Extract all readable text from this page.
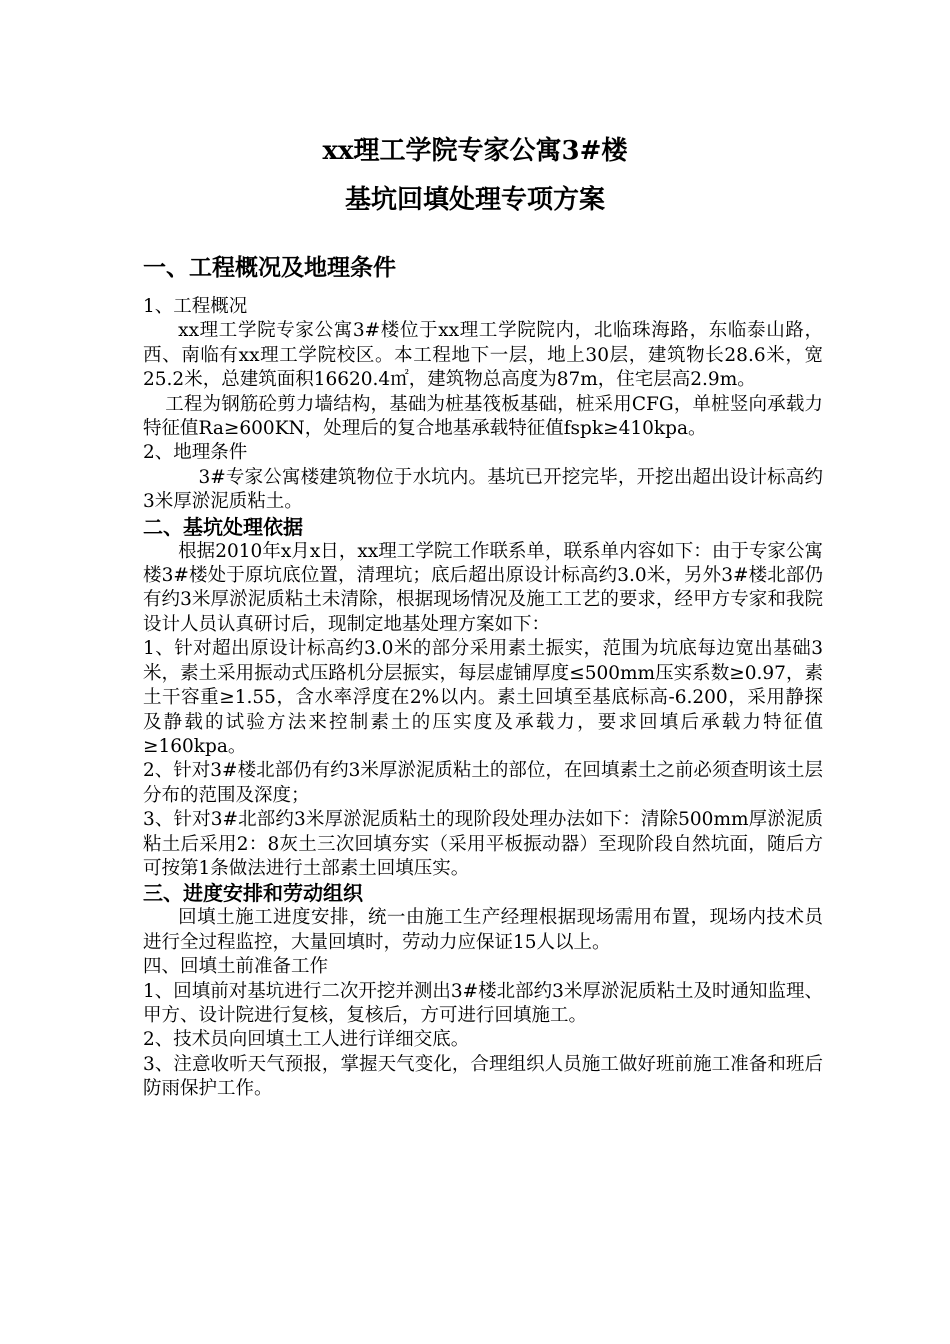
xx理工学院专家公寓3#楼
基坑回填处理专项方案
一、工程概况及地理条件
1、工程概况
xx理工学院专家公寓3#楼位于xx理工学院院内，北临珠海路，东临泰山路，西、南临有xx理工学院校区。本工程地下一层，地上30层，建筑物长28.6米，宽25.2米，总建筑面积16620.4㎡，建筑物总高度为87m，住宅层高2.9m。
工程为钢筋砼剪力墙结构，基础为桩基筏板基础，桩采用CFG，单桩竖向承载力特征值Ra≥600KN，处理后的复合地基承载特征值fspk≥410kpa。
2、地理条件
3#专家公寓楼建筑物位于水坑内。基坑已开挖完毕，开挖出超出设计标高约3米厚淤泥质粘土。
二、基坑处理依据
根据2010年x月x日，xx理工学院工作联系单，联系单内容如下：由于专家公寓楼3#楼处于原坑底位置，清理坑；底后超出原设计标高约3.0米，另外3#楼北部仍有约3米厚淤泥质粘土未清除，根据现场情况及施工工艺的要求，经甲方专家和我院设计人员认真研讨后，现制定地基处理方案如下：
1、针对超出原设计标高约3.0米的部分采用素土振实，范围为坑底每边宽出基础3米，素土采用振动式压路机分层振实，每层虚铺厚度≤500mm压实系数≥0.97，素土干容重≥1.55，含水率浮度在2%以内。素土回填至基底标高-6.200，采用静探及静载的试验方法来控制素土的压实度及承载力，要求回填后承载力特征值≥160kpa。
2、针对3#楼北部仍有约3米厚淤泥质粘土的部位，在回填素土之前必须查明该土层分布的范围及深度；
3、针对3#北部约3米厚淤泥质粘土的现阶段处理办法如下：清除500mm厚淤泥质粘土后采用2：8灰土三次回填夯实（采用平板振动器）至现阶段自然坑面，随后方可按第1条做法进行土部素土回填压实。
三、进度安排和劳动组织
回填土施工进度安排，统一由施工生产经理根据现场需用布置，现场内技术员进行全过程监控，大量回填时，劳动力应保证15人以上。
四、回填土前准备工作
1、回填前对基坑进行二次开挖并测出3#楼北部约3米厚淤泥质粘土及时通知监理、甲方、设计院进行复核，复核后，方可进行回填施工。
2、技术员向回填土工人进行详细交底。
3、注意收听天气预报，掌握天气变化，合理组织人员施工做好班前施工准备和班后防雨保护工作。
